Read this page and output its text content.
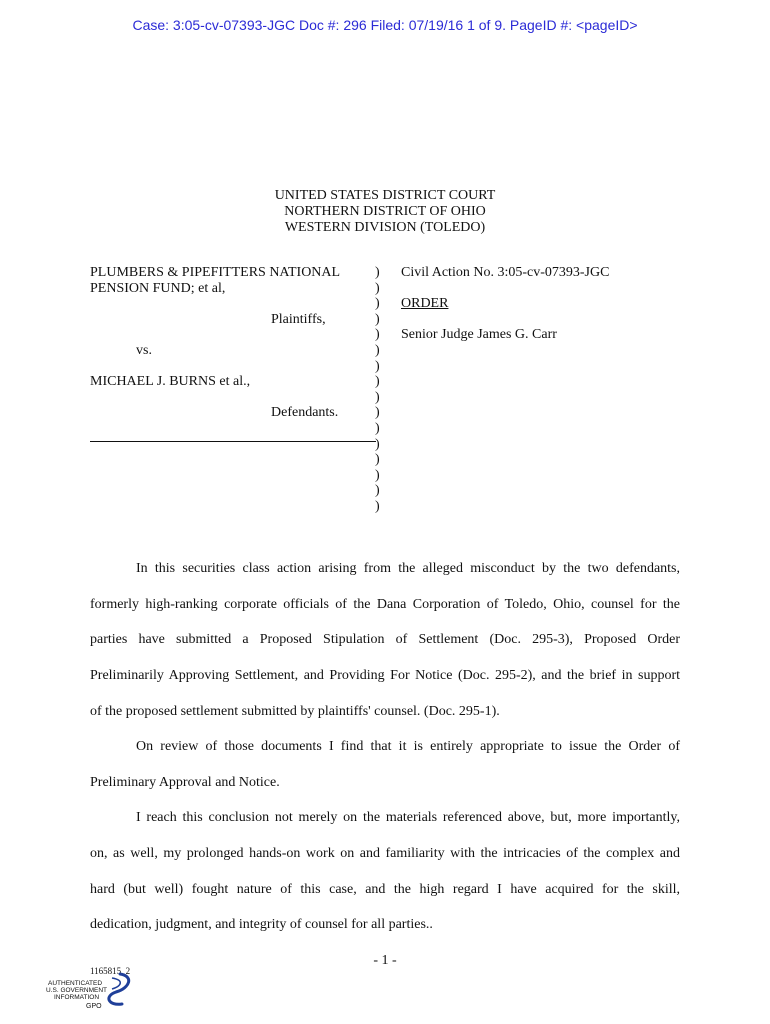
Case: 3:05-cv-07393-JGC Doc #: 296 Filed: 07/19/16 1 of 9. PageID #: <pageID>
UNITED STATES DISTRICT COURT
NORTHERN DISTRICT OF OHIO
WESTERN DIVISION (TOLEDO)
PLUMBERS & PIPEFITTERS NATIONAL
PENSION FUND; et al,
Plaintiffs,
vs.
MICHAEL J. BURNS et al.,
Defendants.
)
)
)
)
)
)
)
)
)
)
)
)
)
)
)
)
Civil Action No. 3:05-cv-07393-JGC
ORDER
Senior Judge James G. Carr
In this securities class action arising from the alleged misconduct by the two defendants,
formerly high-ranking corporate officials of the Dana Corporation of Toledo, Ohio, counsel for the
parties have submitted a Proposed Stipulation of Settlement (Doc. 295-3), Proposed Order
Preliminarily Approving Settlement, and Providing For Notice (Doc. 295-2), and the brief in support
of the proposed settlement submitted by plaintiffs' counsel. (Doc. 295-1).
On review of those documents I find that it is entirely appropriate to issue the Order of
Preliminary Approval and Notice.
I reach this conclusion not merely on the materials referenced above, but, more importantly,
on, as well, my prolonged hands-on work on and familiarity with the intricacies of the complex and
hard (but well) fought nature of this case, and the high regard I have acquired for the skill,
dedication, judgment, and integrity of counsel for all parties..
- 1 -
1165815_2
AUTHENTICATED
U.S. GOVERNMENT
INFORMATION
GPO
